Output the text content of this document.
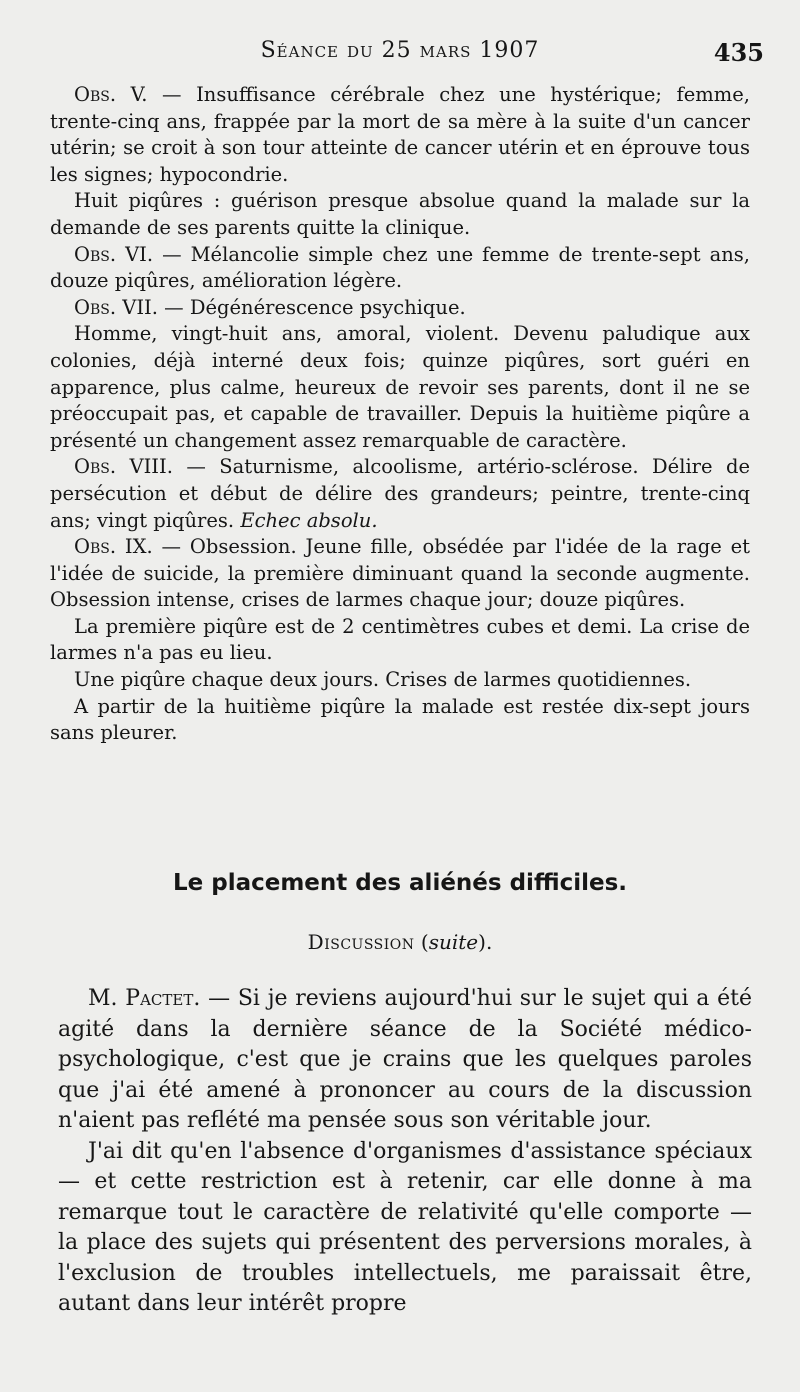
Séance du 25 mars 1907	435

Obs. V. — Insuffisance cérébrale chez une hystérique; femme, trente-cinq ans, frappée par la mort de sa mère à la suite d'un cancer utérin; se croit à son tour atteinte de cancer utérin et en éprouve tous les signes; hypocondrie.

Huit piqûres : guérison presque absolue quand la malade sur la demande de ses parents quitte la clinique.

Obs. VI. — Mélancolie simple chez une femme de trente-sept ans, douze piqûres, amélioration légère.

Obs. VII. — Dégénérescence psychique.

Homme, vingt-huit ans, amoral, violent. Devenu paludique aux colonies, déjà interné deux fois; quinze piqûres, sort guéri en apparence, plus calme, heureux de revoir ses parents, dont il ne se préoccupait pas, et capable de travailler. Depuis la huitième piqûre a présenté un changement assez remarquable de caractère.

Obs. VIII. — Saturnisme, alcoolisme, artério-sclérose. Délire de persécution et début de délire des grandeurs; peintre, trente-cinq ans; vingt piqûres. Echec absolu.

Obs. IX. — Obsession. Jeune fille, obsédée par l'idée de la rage et l'idée de suicide, la première diminuant quand la seconde augmente. Obsession intense, crises de larmes chaque jour; douze piqûres.

La première piqûre est de 2 centimètres cubes et demi. La crise de larmes n'a pas eu lieu.

Une piqûre chaque deux jours. Crises de larmes quotidiennes.

A partir de la huitième piqûre la malade est restée dix-sept jours sans pleurer.

Le placement des aliénés difficiles.
Discussion (suite).

M. Pactet. — Si je reviens aujourd'hui sur le sujet qui a été agité dans la dernière séance de la Société médico-psychologique, c'est que je crains que les quelques paroles que j'ai été amené à prononcer au cours de la discussion n'aient pas reflété ma pensée sous son véritable jour.

J'ai dit qu'en l'absence d'organismes d'assistance spéciaux — et cette restriction est à retenir, car elle donne à ma remarque tout le caractère de relativité qu'elle comporte — la place des sujets qui présentent des perversions morales, à l'exclusion de troubles intellectuels, me paraissait être, autant dans leur intérêt propre
